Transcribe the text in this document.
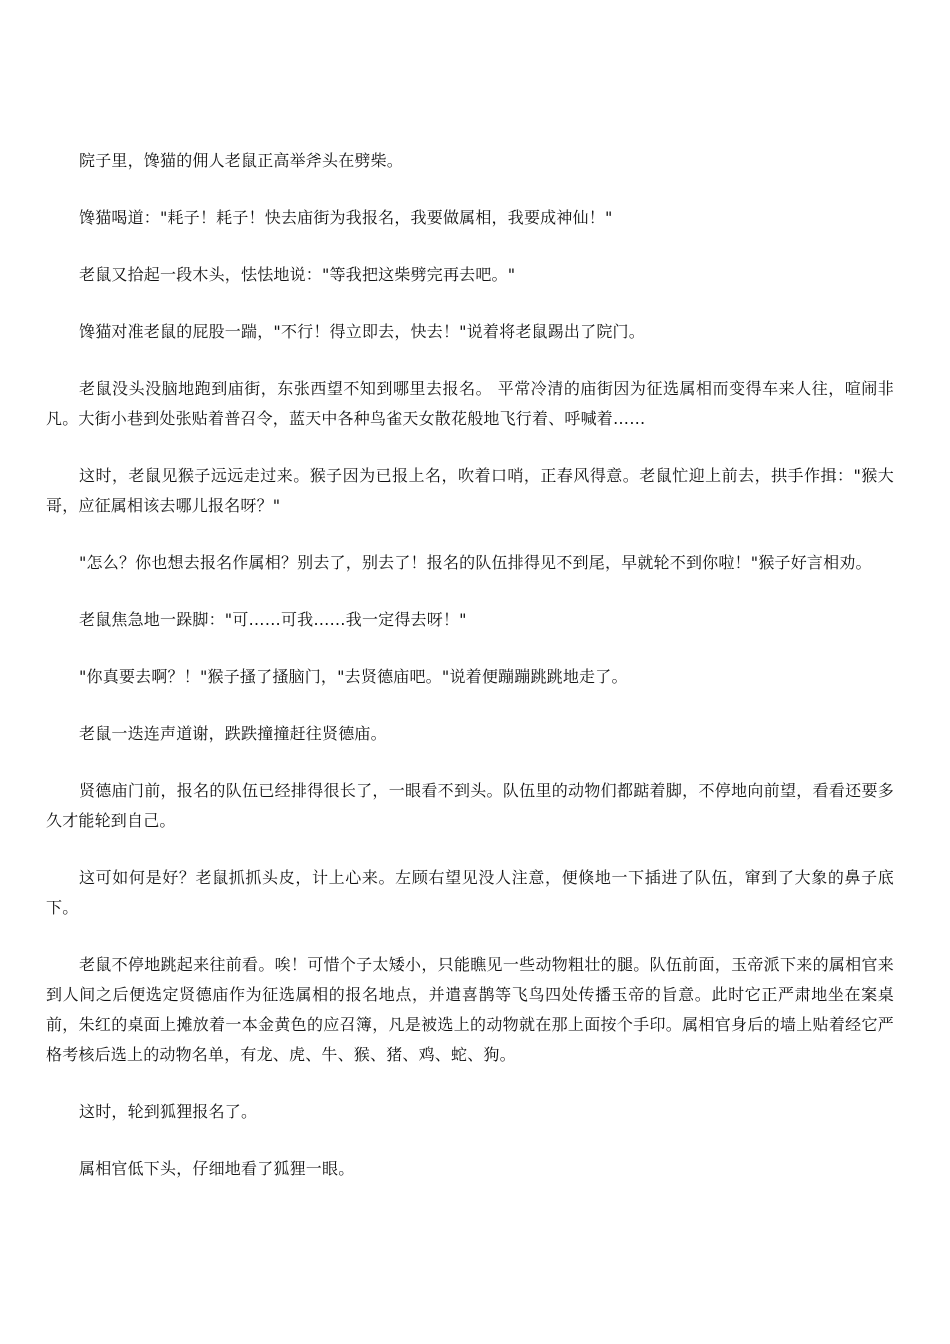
院子里，馋猫的佣人老鼠正高举斧头在劈柴。

馋猫喝道："耗子！耗子！快去庙街为我报名，我要做属相，我要成神仙！"

老鼠又拾起一段木头，怯怯地说："等我把这柴劈完再去吧。"

馋猫对准老鼠的屁股一踹，"不行！得立即去，快去！"说着将老鼠踢出了院门。

老鼠没头没脑地跑到庙街，东张西望不知到哪里去报名。 平常冷清的庙街因为征选属相而变得车来人往，喧闹非凡。大街小巷到处张贴着普召令，蓝天中各种鸟雀天女散花般地飞行着、呼喊着……

这时，老鼠见猴子远远走过来。猴子因为已报上名，吹着口哨，正春风得意。老鼠忙迎上前去，拱手作揖："猴大哥，应征属相该去哪儿报名呀？"

"怎么？你也想去报名作属相？别去了，别去了！报名的队伍排得见不到尾，早就轮不到你啦！"猴子好言相劝。

老鼠焦急地一跺脚："可……可我……我一定得去呀！"

"你真要去啊？！"猴子搔了搔脑门，"去贤德庙吧。"说着便蹦蹦跳跳地走了。

老鼠一迭连声道谢，跌跌撞撞赶往贤德庙。

贤德庙门前，报名的队伍已经排得很长了，一眼看不到头。队伍里的动物们都踮着脚，不停地向前望，看看还要多久才能轮到自己。

这可如何是好？老鼠抓抓头皮，计上心来。左顾右望见没人注意，便倏地一下插进了队伍，窜到了大象的鼻子底下。

老鼠不停地跳起来往前看。唉！可惜个子太矮小，只能瞧见一些动物粗壮的腿。队伍前面，玉帝派下来的属相官来到人间之后便选定贤德庙作为征选属相的报名地点，并遣喜鹊等飞鸟四处传播玉帝的旨意。此时它正严肃地坐在案桌前，朱红的桌面上摊放着一本金黄色的应召簿，凡是被选上的动物就在那上面按个手印。属相官身后的墙上贴着经它严格考核后选上的动物名单，有龙、虎、牛、猴、猪、鸡、蛇、狗。

这时，轮到狐狸报名了。

属相官低下头，仔细地看了狐狸一眼。
